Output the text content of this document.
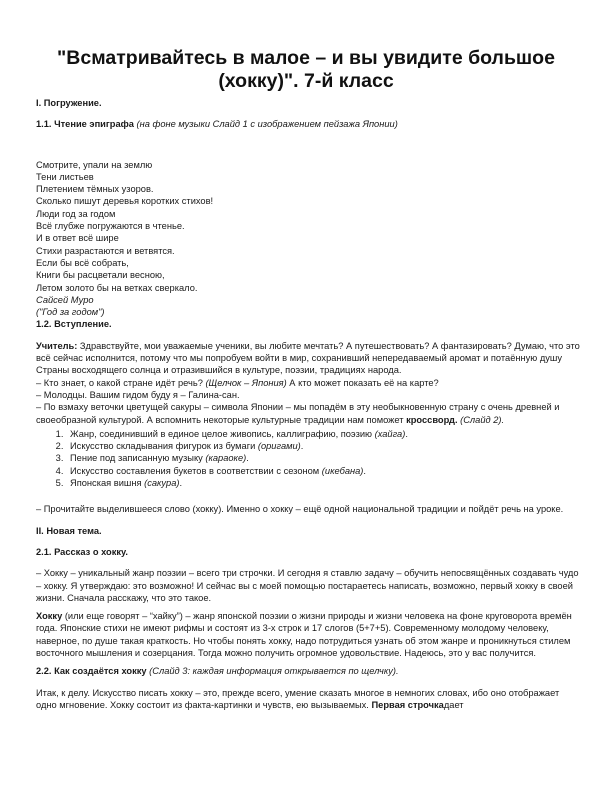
"Всматривайтесь в малое – и вы увидите большое (хокку)". 7-й класс

I. Погружение.

1.1. Чтение эпиграфа (на фоне музыки Слайд 1 с изображением пейзажа Японии)

Смотрите, упали на землю

Тени листьев

Плетением тёмных узоров.

Сколько пишут деревья коротких стихов!

Люди год за годом

Всё глубже погружаются в чтенье.

И в ответ всё шире

Стихи разрастаются и ветвятся.

Если бы всё собрать,

Книги бы расцветали весною,

Летом золото бы на ветках сверкало.

Сайсей Муро

("Год за годом")

1.2. Вступление.

Учитель: Здравствуйте, мои уважаемые ученики, вы любите мечтать? А путешествовать? А фантазировать? Думаю, что это всё сейчас исполнится, потому что мы попробуем войти в мир, сохранивший непередаваемый аромат и потаённую душу Страны восходящего солнца и отразившийся в культуре, поэзии, традициях народа.

– Кто знает, о какой стране идёт речь? (Щелчок – Япония) А кто может показать её на карте?

– Молодцы. Вашим гидом буду я – Галина-сан.

– По взмаху веточки цветущей сакуры – символа Японии – мы попадём в эту необыкновенную страну с очень древней и своеобразной культурой. А вспомнить некоторые культурные традиции нам поможет кроссворд. (Слайд 2).

1. Жанр, соединивший в единое целое живопись, каллиграфию, поэзию (хайга).
2. Искусство складывания фигурок из бумаги (оригами).
3. Пение под записанную музыку (караоке).
4. Искусство составления букетов в соответствии с сезоном (икебана).
5. Японская вишня (сакура).

– Прочитайте выделившееся слово (хокку). Именно о хокку – ещё одной национальной традиции и пойдёт речь на уроке.

II. Новая тема.

2.1. Рассказ о хокку.

– Хокку – уникальный жанр поэзии – всего три строчки. И сегодня я ставлю задачу – обучить непосвящённых создавать чудо – хокку. Я утверждаю: это возможно! И сейчас вы с моей помощью постараетесь написать, возможно, первый хокку в своей жизни. Сначала расскажу, что это такое.

Хокку (или еще говорят – “хайку”) – жанр японской поэзии о жизни природы и жизни человека на фоне круговорота времён года. Японские стихи не имеют рифмы и состоят из 3-х строк и 17 слогов (5+7+5). Современному молодому человеку, наверное, по душе такая краткость. Но чтобы понять хокку, надо потрудиться узнать об этом жанре и проникнуться стилем восточного мышления и созерцания. Тогда можно получить огромное удовольствие. Надеюсь, это у вас получится.

2.2. Как создаётся хокку (Слайд 3: каждая информация открывается по щелчку).

Итак, к делу. Искусство писать хокку – это, прежде всего, умение сказать многое в немногих словах, ибо оно отображает одно мгновение. Хокку состоит из факта-картинки и чувств, ею вызываемых. Первая строчкадает
